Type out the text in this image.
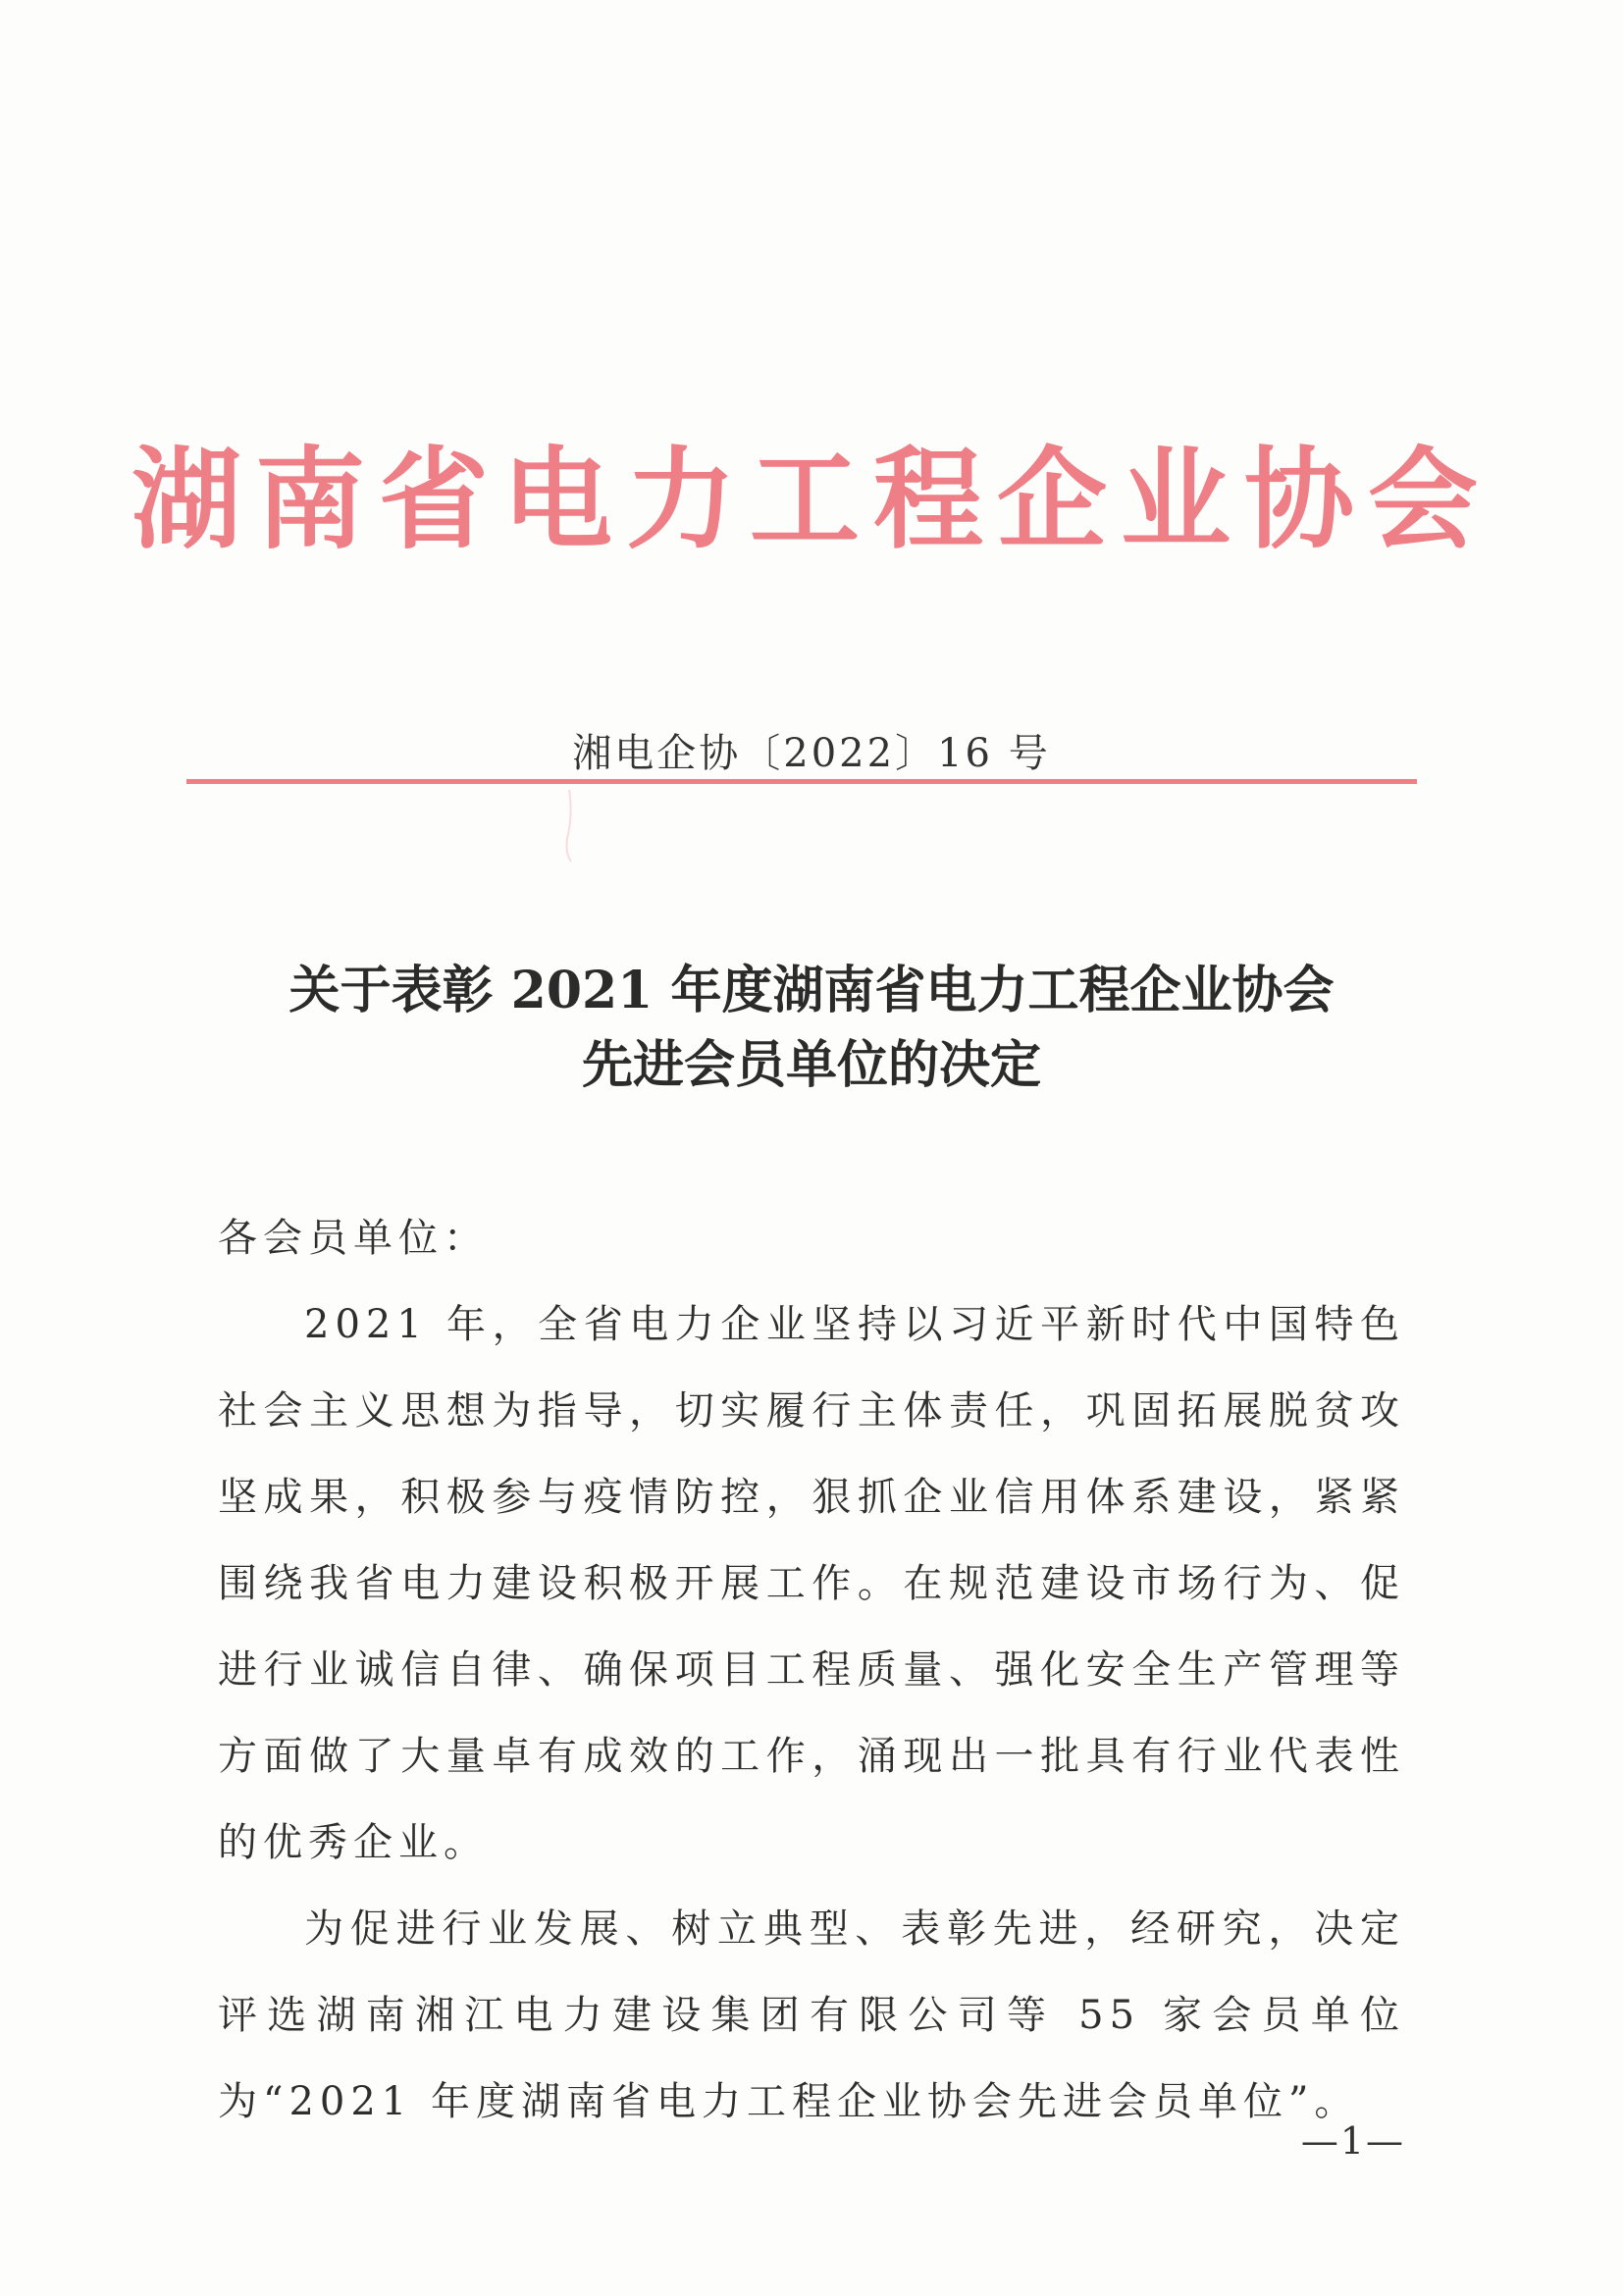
湖南省电力工程企业协会
湘电企协〔2022〕16 号
关于表彰 2021 年度湖南省电力工程企业协会
先进会员单位的决定

各会员单位：

2021 年，全省电力企业坚持以习近平新时代中国特色社会主义思想为指导，切实履行主体责任，巩固拓展脱贫攻坚成果，积极参与疫情防控，狠抓企业信用体系建设，紧紧围绕我省电力建设积极开展工作。在规范建设市场行为、促进行业诚信自律、确保项目工程质量、强化安全生产管理等方面做了大量卓有成效的工作，涌现出一批具有行业代表性的优秀企业。

为促进行业发展、树立典型、表彰先进，经研究，决定评选湖南湘江电力建设集团有限公司等 55 家会员单位为“2021 年度湖南省电力工程企业协会先进会员单位”。

—1—
